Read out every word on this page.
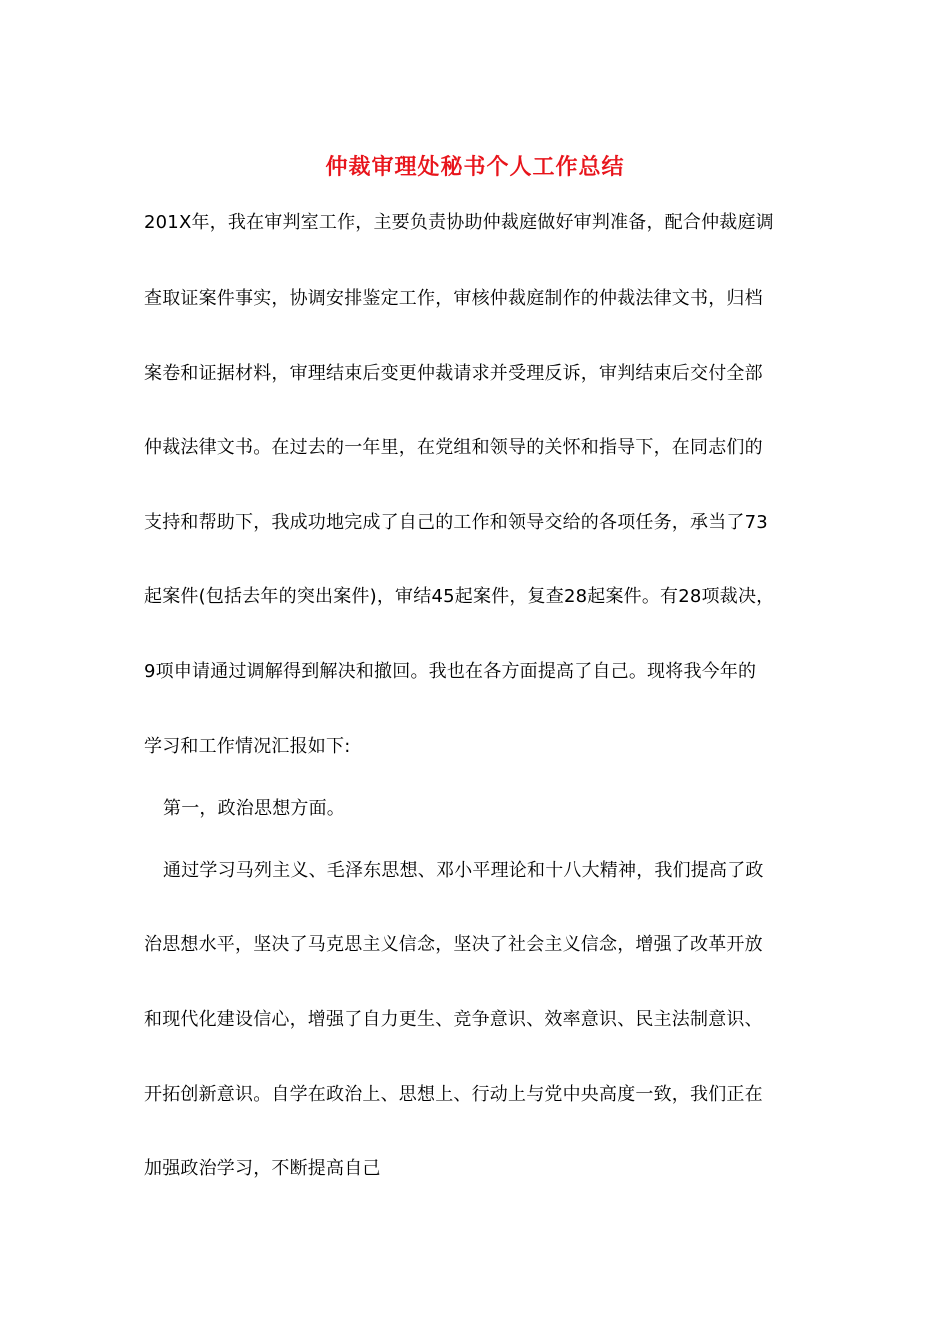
仲裁审理处秘书个人工作总结
201X年，我在审判室工作，主要负责协助仲裁庭做好审判准备，配合仲裁庭调
查取证案件事实，协调安排鉴定工作，审核仲裁庭制作的仲裁法律文书，归档
案卷和证据材料，审理结束后变更仲裁请求并受理反诉，审判结束后交付全部
仲裁法律文书。在过去的一年里，在党组和领导的关怀和指导下，在同志们的
支持和帮助下，我成功地完成了自己的工作和领导交给的各项任务，承当了73
起案件(包括去年的突出案件)，审结45起案件，复查28起案件。有28项裁决，
9项申请通过调解得到解决和撤回。我也在各方面提高了自己。现将我今年的
学习和工作情况汇报如下:
第一，政治思想方面。
通过学习马列主义、毛泽东思想、邓小平理论和十八大精神，我们提高了政
治思想水平，坚决了马克思主义信念，坚决了社会主义信念，增强了改革开放
和现代化建设信心，增强了自力更生、竞争意识、效率意识、民主法制意识、
开拓创新意识。自学在政治上、思想上、行动上与党中央高度一致，我们正在
加强政治学习，不断提高自己
